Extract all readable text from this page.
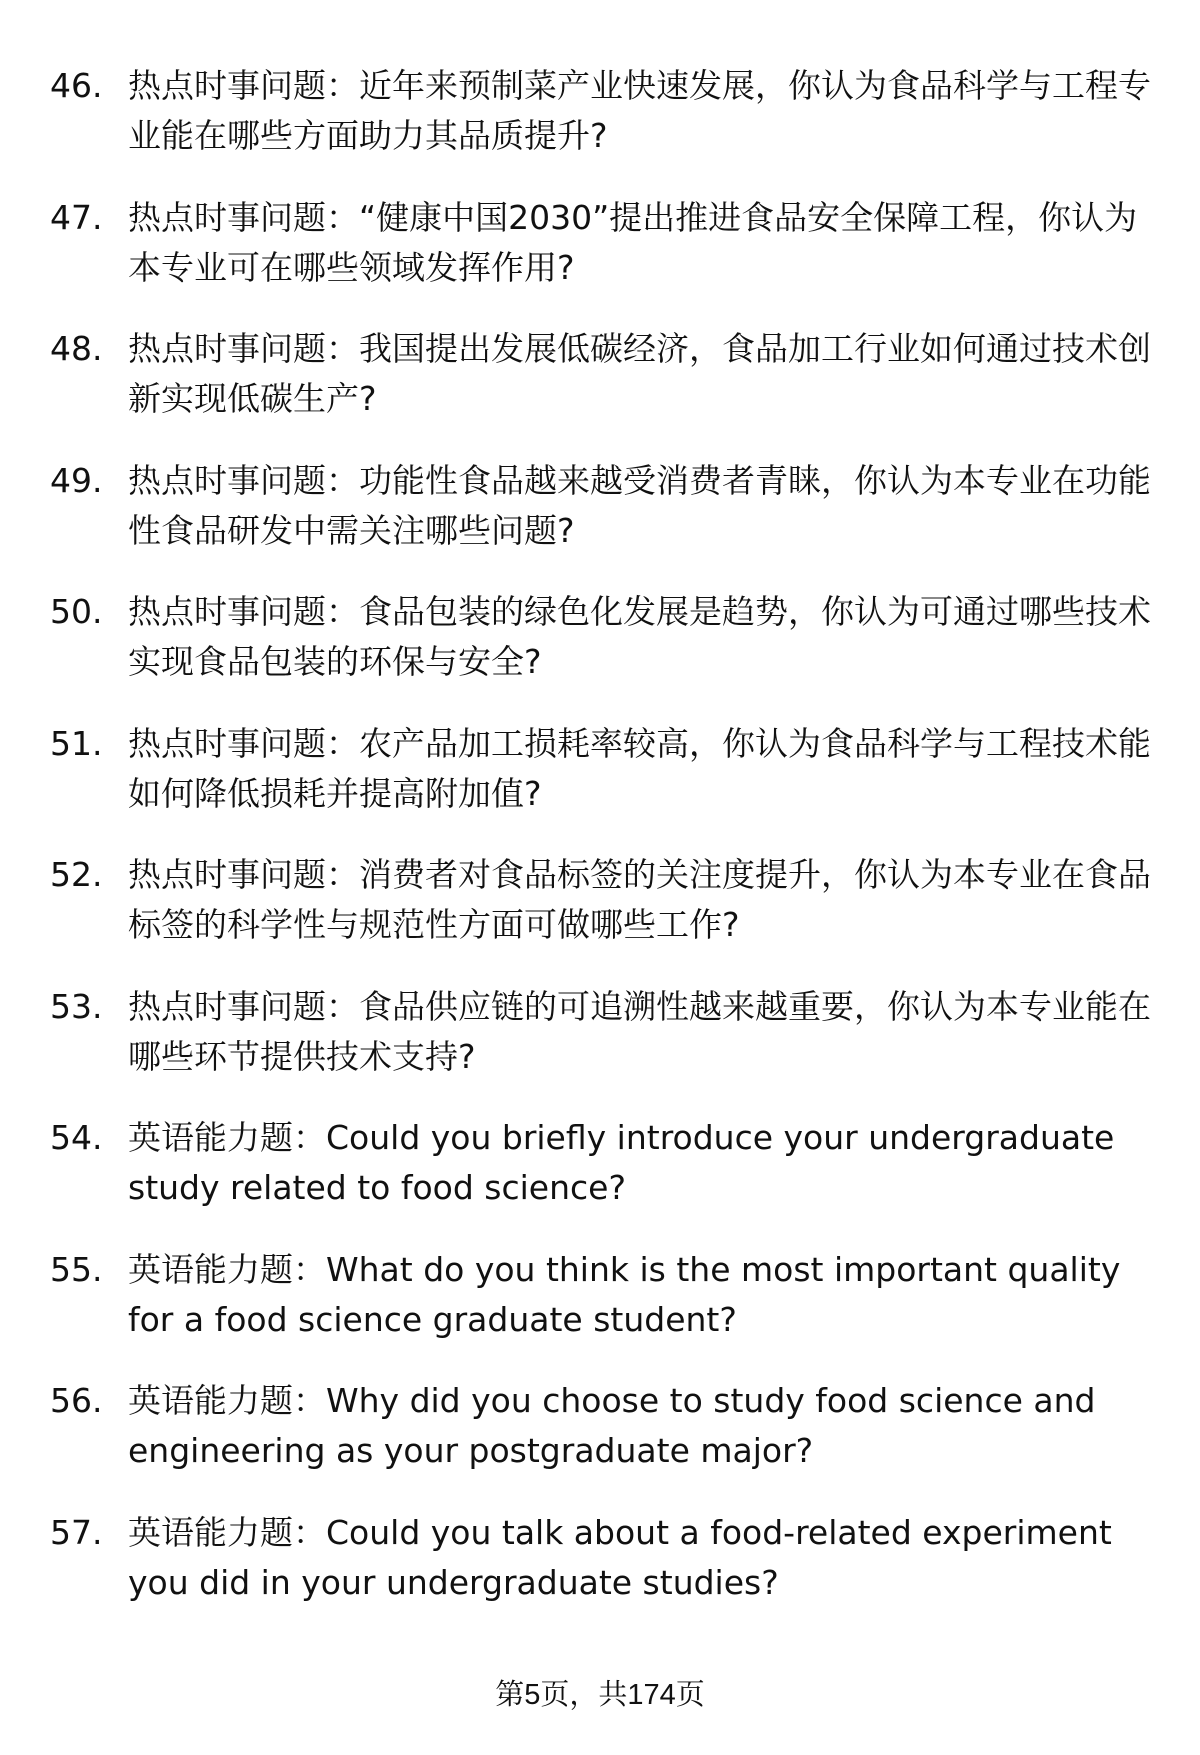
46. 热点时事问题：近年来预制菜产业快速发展，你认为食品科学与工程专业能在哪些方面助力其品质提升?
47. 热点时事问题：“健康中国2030”提出推进食品安全保障工程，你认为本专业可在哪些领域发挥作用?
48. 热点时事问题：我国提出发展低碳经济，食品加工行业如何通过技术创新实现低碳生产?
49. 热点时事问题：功能性食品越来越受消费者青睐，你认为本专业在功能性食品研发中需关注哪些问题?
50. 热点时事问题：食品包装的绿色化发展是趋势，你认为可通过哪些技术实现食品包装的环保与安全?
51. 热点时事问题：农产品加工损耗率较高，你认为食品科学与工程技术能如何降低损耗并提高附加值?
52. 热点时事问题：消费者对食品标签的关注度提升，你认为本专业在食品标签的科学性与规范性方面可做哪些工作?
53. 热点时事问题：食品供应链的可追溯性越来越重要，你认为本专业能在哪些环节提供技术支持?
54. 英语能力题：Could you briefly introduce your undergraduate study related to food science?
55. 英语能力题：What do you think is the most important quality for a food science graduate student?
56. 英语能力题：Why did you choose to study food science and engineering as your postgraduate major?
57. 英语能力题：Could you talk about a food-related experiment you did in your undergraduate studies?
第5页，共174页
